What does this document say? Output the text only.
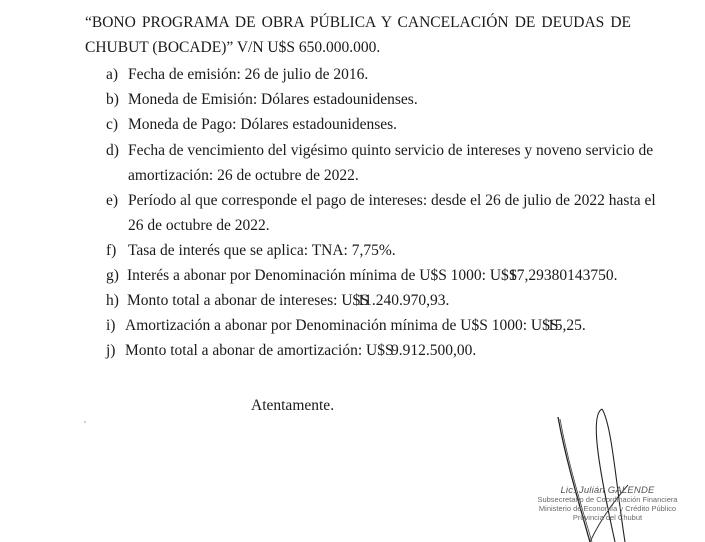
“BONO PROGRAMA DE OBRA PÚBLICA Y CANCELACIÓN DE DEUDAS DE
CHUBUT (BOCADE)” V/N U$S 650.000.000.
a) Fecha de emisión: 26 de julio de 2016.
b) Moneda de Emisión: Dólares estadounidenses.
c) Moneda de Pago: Dólares estadounidenses.
d) Fecha de vencimiento del vigésimo quinto servicio de intereses y noveno servicio de
amortización: 26 de octubre de 2022.
e) Período al que corresponde el pago de intereses: desde el 26 de julio de 2022 hasta el
26 de octubre de 2022.
f) Tasa de interés que se aplica: TNA: 7,75%.
g) Interés a abonar por Denominación mínima de U$S 1000: U$S
17,29380143750.
h) Monto total a abonar de intereses: U$S
11.240.970,93.
i) Amortización a abonar por Denominación mínima de U$S 1000: U$S
15,25.
j) Monto total a abonar de amortización: U$S
9.912.500,00.
Atentamente.
Lic. Julián GALENDE
Subsecretario de Coordinación Financiera
Ministerio de Economía y Crédito Público
Provincia del Chubut
